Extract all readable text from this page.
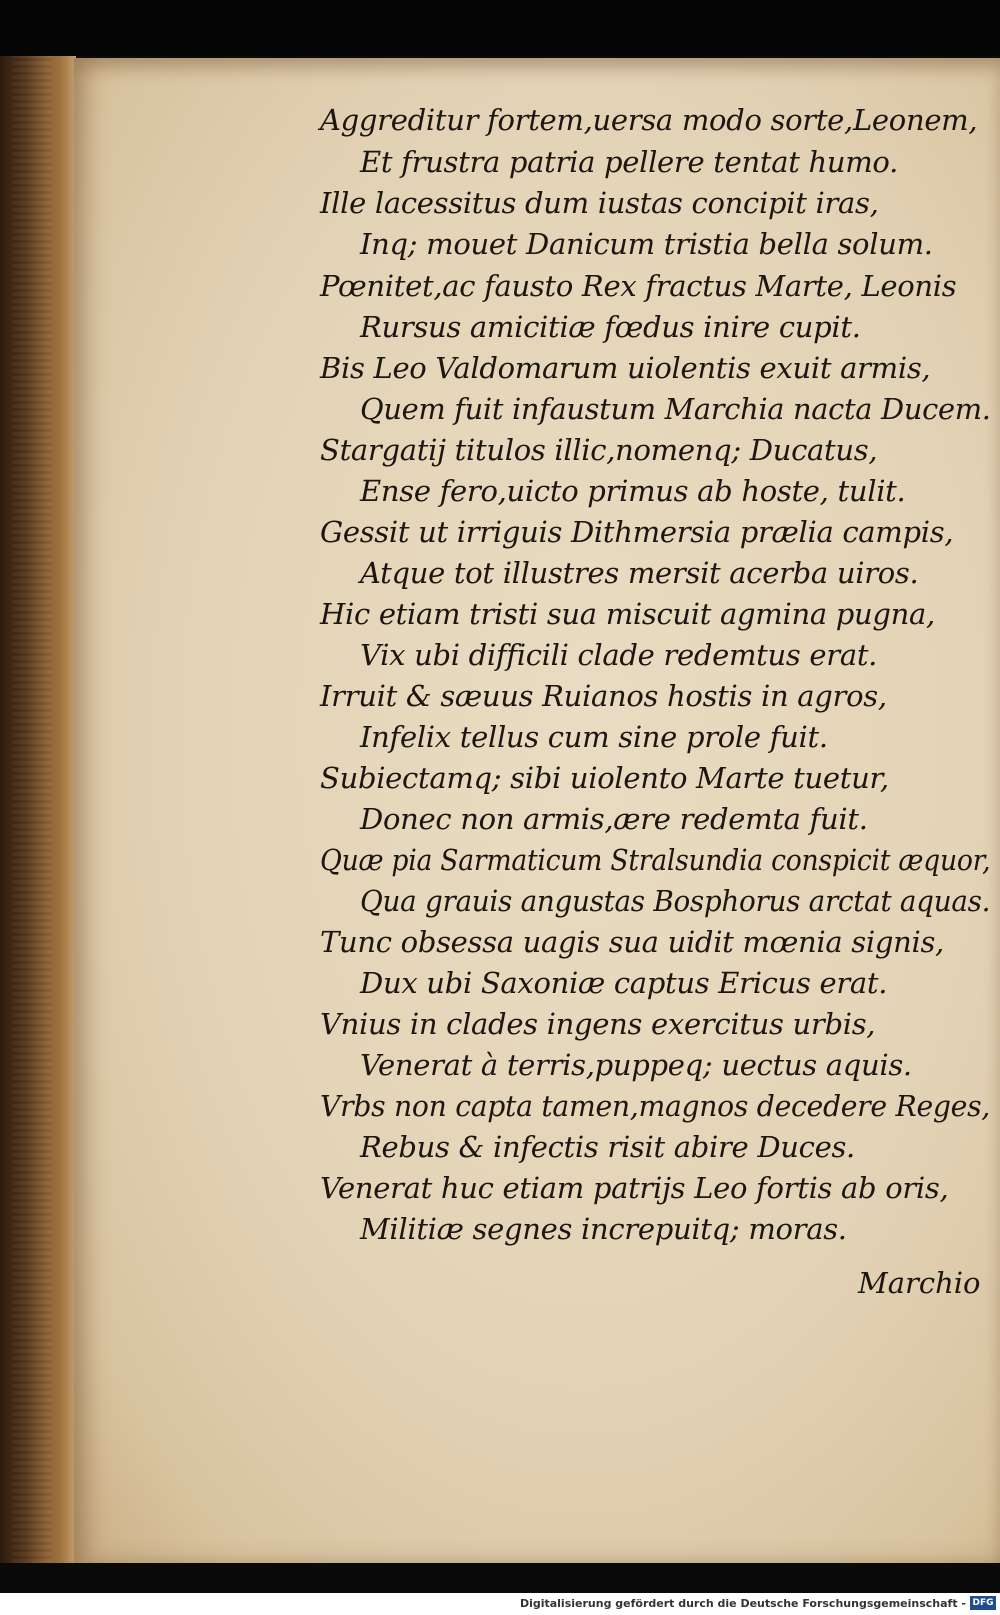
Aggreditur fortem,uersa modo sorte,Leonem,
Et frustra patria pellere tentat humo.
Ille lacessitus dum iustas concipit iras,
Inq; mouet Danicum tristia bella solum.
Pœnitet,ac fausto Rex fractus Marte, Leonis
Rursus amicitiæ fœdus inire cupit.
Bis Leo Valdomarum uiolentis exuit armis,
Quem fuit infaustum Marchia nacta Ducem.
Stargatij titulos illic,nomenq; Ducatus,
Ense fero,uicto primus ab hoste, tulit.
Gessit ut irriguis Dithmersia prælia campis,
Atque tot illustres mersit acerba uiros.
Hic etiam tristi sua miscuit agmina pugna,
Vix ubi difficili clade redemtus erat.
Irruit & sæuus Ruianos hostis in agros,
Infelix tellus cum sine prole fuit.
Subiectamq; sibi uiolento Marte tuetur,
Donec non armis,ære redemta fuit.
Quæ pia Sarmaticum Stralsundia conspicit æquor,
Qua grauis angustas Bosphorus arctat aquas.
Tunc obsessa uagis sua uidit mœnia signis,
Dux ubi Saxoniæ captus Ericus erat.
Vnius in clades ingens exercitus urbis,
Venerat à terris,puppeq; uectus aquis.
Vrbs non capta tamen,magnos decedere Reges,
Rebus & infectis risit abire Duces.
Venerat huc etiam patrijs Leo fortis ab oris,
Militiæ segnes increpuitq; moras.
Marchio
Digitalisierung gefördert durch die Deutsche Forschungsgemeinschaft - DFG
